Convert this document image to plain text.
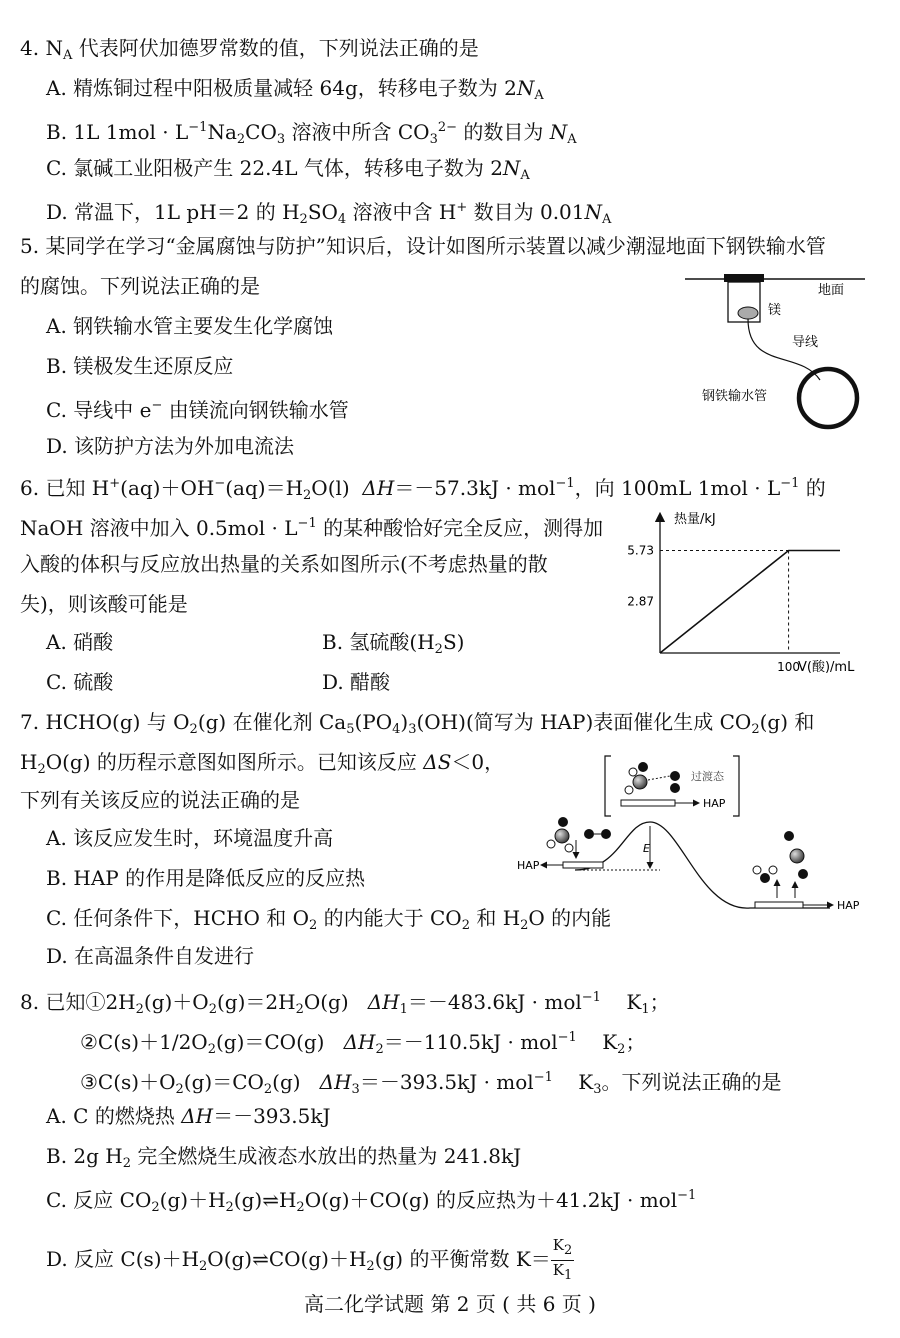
4. $N_A$ 代表阿伏加德罗常数的值，下列说法正确的是
A. 精炼铜过程中阳极质量减轻 64g，转移电子数为 $2N_A$
B. 1L $1mol \cdot L^{-1}Na_2CO_3$ 溶液中所含 $CO_3^{2-}$ 的数目为 $N_A$
C. 氯碱工业阳极产生 22.4L 气体，转移电子数为 $2N_A$
D. 常温下，1L pH＝2 的 $H_2SO_4$ 溶液中含 H+ 数目为 $0.01N_A$
5. 某同学在学习“金属腐蚀与防护”知识后，设计如图所示装置以减少潮湿地面下钢铁输水管
的腐蚀。下列说法正确的是
A. 钢铁输水管主要发生化学腐蚀
B. 镁极发生还原反应
C. 导线中 e− 由镁流向钢铁输水管
D. 该防护方法为外加电流法
地面
镁
导线
钢铁输水管
6. 已知 $H^+(aq)+OH^-(aq)=H_2O(l) \Delta H=-57.3kJ \cdot mol^{-1}$，向 100mL $1mol \cdot L^{-1}$ 的
NaOH 溶液中加入 $0.5mol \cdot L^{-1}$ 的某种酸恰好完全反应，测得加
入酸的体积与反应放出热量的关系如图所示(不考虑热量的散
失)，则该酸可能是
A. 硝酸	B. 氢硫酸$(H_2S)$
C. 硫酸	D. 醋酸
热量/kJ
V(酸)/mL
5.73
2.87
100
7. HCHO(g) 与 $O_2(g)$ 在催化剂 $Ca_5(PO_4)_3(OH)$(简写为 HAP)表面催化生成 $CO_2(g)$ 和
$H_2O(g)$ 的历程示意图如图所示。已知该反应 ΔS＜0，
下列有关该反应的说法正确的是
A. 该反应发生时，环境温度升高
B. HAP 的作用是降低反应的反应热
C. 任何条件下，HCHO 和 $O_2$ 的内能大于 $CO_2$ 和 $H_2O$ 的内能
D. 在高温条件自发进行
过渡态
HAP
E
HAP
HAP
8. 已知$①2H_2(g)+O_2(g)=2H_2O(g) \Delta H_1=-483.6kJ \cdot mol^{-1}$    $K_1$；
$②C(s)+1/2O_2(g)=CO(g) \Delta H_2=-110.5kJ \cdot mol^{-1}$    $K_2$；
$③C(s)+O_2(g)=CO_2(g) \Delta H_3=-393.5kJ \cdot mol^{-1}$    $K_3$。下列说法正确的是
A. C 的燃烧热 ΔH＝－393.5kJ
B. 2g $H_2$ 完全燃烧生成液态水放出的热量为 241.8kJ
C. 反应 $CO_2(g)+H_2(g)\rightleftharpoons H_2O(g)+CO(g)$ 的反应热为＋41.2kJ · mol$^{-1}$
D. 反应 $C(s)+H_2O(g)\rightleftharpoons CO(g)+H_2(g)$ 的平衡常数 $K= \frac{K2}{K1}$
高二化学试题 第 2 页 ( 共 6 页 )
